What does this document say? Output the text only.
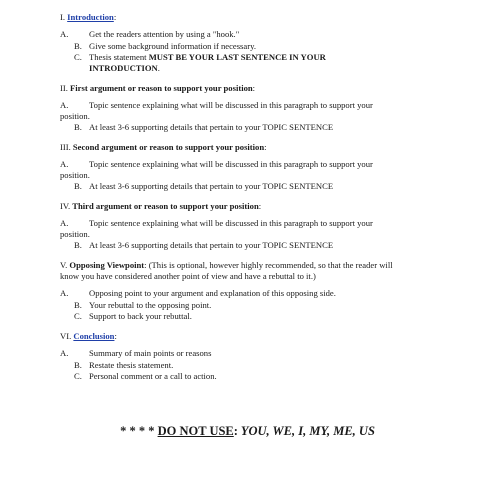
I. Introduction:
A.	Get the readers attention by using a "hook."
B. Give some background information if necessary.
C. Thesis statement MUST BE YOUR LAST SENTENCE IN YOUR
INTRODUCTION.
II. First argument or reason to support your position:
A. Topic sentence explaining what will be discussed in this paragraph to support your
position.
B. At least 3-6 supporting details that pertain to your TOPIC SENTENCE
III. Second argument or reason to support your position:
A. Topic sentence explaining what will be discussed in this paragraph to support your
position.
B. At least 3-6 supporting details that pertain to your TOPIC SENTENCE
IV. Third argument or reason to support your position:
A. Topic sentence explaining what will be discussed in this paragraph to support your
position.
B. At least 3-6 supporting details that pertain to your TOPIC SENTENCE
V. Opposing Viewpoint: (This is optional, however highly recommended, so that the reader will
know you have considered another point of view and have a rebuttal to it.)
A.	Opposing point to your argument and explanation of this opposing side.
B. Your rebuttal to the opposing point.
C. Support to back your rebuttal.
VI. Conclusion:
A.	Summary of main points or reasons
B. Restate thesis statement.
C. Personal comment or a call to action.
* * * * DO NOT USE: YOU, WE, I, MY, ME, US
